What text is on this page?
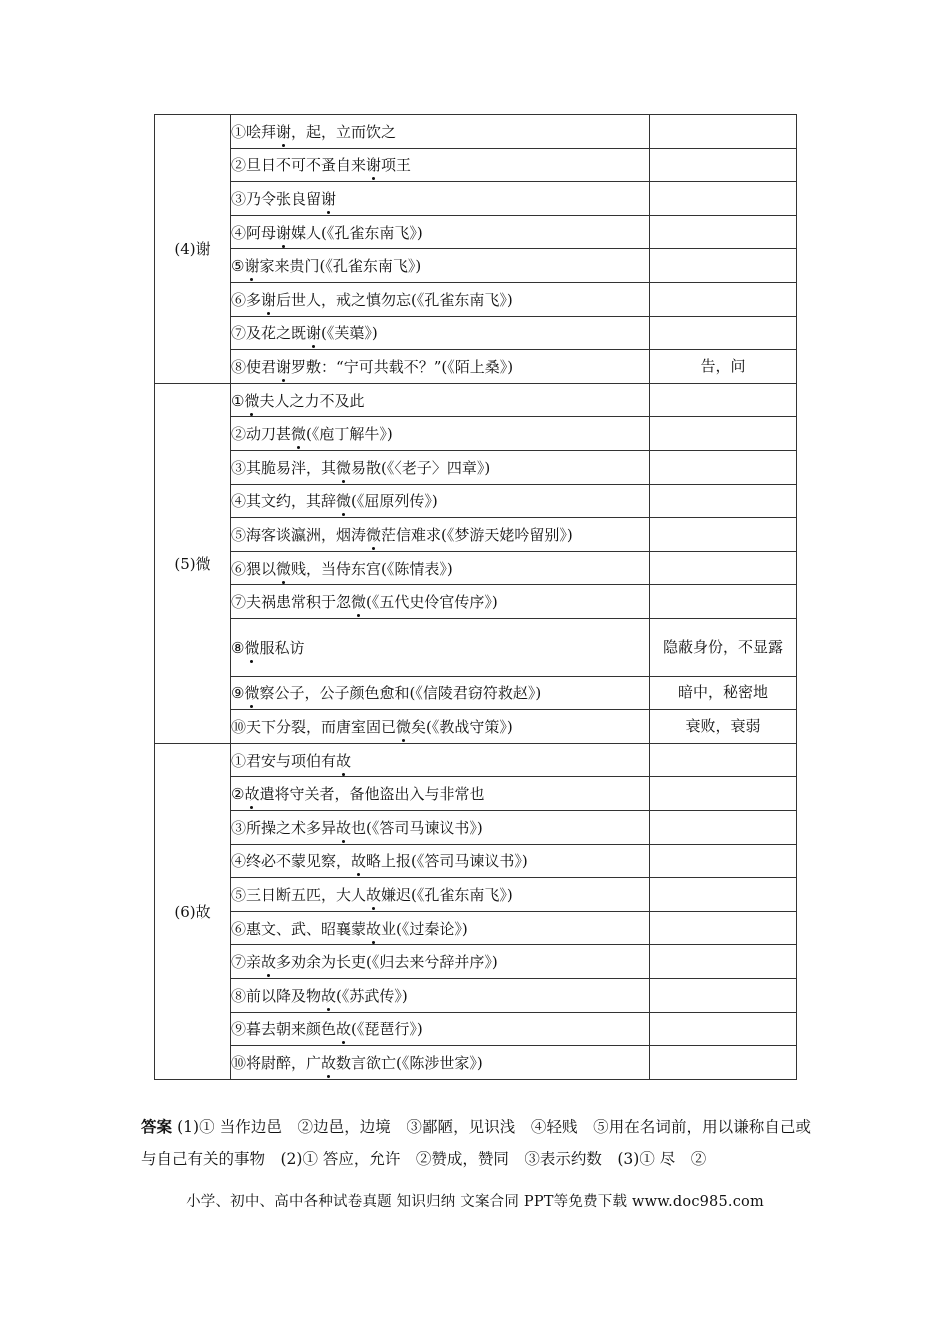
(4)谢	①哙拜谢，起，立而饮之	
	②旦日不可不蚤自来谢项王	
	③乃令张良留谢	
	④阿母谢媒人(《孔雀东南飞》)	
	⑤谢家来贵门(《孔雀东南飞》)	
	⑥多谢后世人，戒之慎勿忘(《孔雀东南飞》)	
	⑦及花之既谢(《芙蕖》)	
	⑧使君谢罗敷：“宁可共载不？”(《陌上桑》)	告，问
(5)微	①微夫人之力不及此	
	②动刀甚微(《庖丁解牛》)	
	③其脆易泮，其微易散(《〈老子〉四章》)	
	④其文约，其辞微(《屈原列传》)	
	⑤海客谈瀛洲，烟涛微茫信难求(《梦游天姥吟留别》)	
	⑥猥以微贱，当侍东宫(《陈情表》)	
	⑦夫祸患常积于忽微(《五代史伶官传序》)	
	⑧微服私访	隐蔽身份，不显露
	⑨微察公子，公子颜色愈和(《信陵君窃符救赵》)	暗中，秘密地
	⑩天下分裂，而唐室固已微矣(《教战守策》)	衰败，衰弱
(6)故	①君安与项伯有故	
	②故遣将守关者，备他盗出入与非常也	
	③所操之术多异故也(《答司马谏议书》)	
	④终必不蒙见察，故略上报(《答司马谏议书》)	
	⑤三日断五匹，大人故嫌迟(《孔雀东南飞》)	
	⑥惠文、武、昭襄蒙故业(《过秦论》)	
	⑦亲故多劝余为长吏(《归去来兮辞并序》)	
	⑧前以降及物故(《苏武传》)	
	⑨暮去朝来颜色故(《琵琶行》)	
	⑩将尉醉，广故数言欲亡(《陈涉世家》)	
答案 (1)① 当作边邑　②边邑，边境　③鄙陋，见识浅　④轻贱　⑤用在名词前，用以谦称自己或与自己有关的事物　(2)① 答应，允许　②赞成，赞同　③表示约数　(3)① 尽　②
小学、初中、高中各种试卷真题 知识归纳 文案合同 PPT等免费下载 www.doc985.com
